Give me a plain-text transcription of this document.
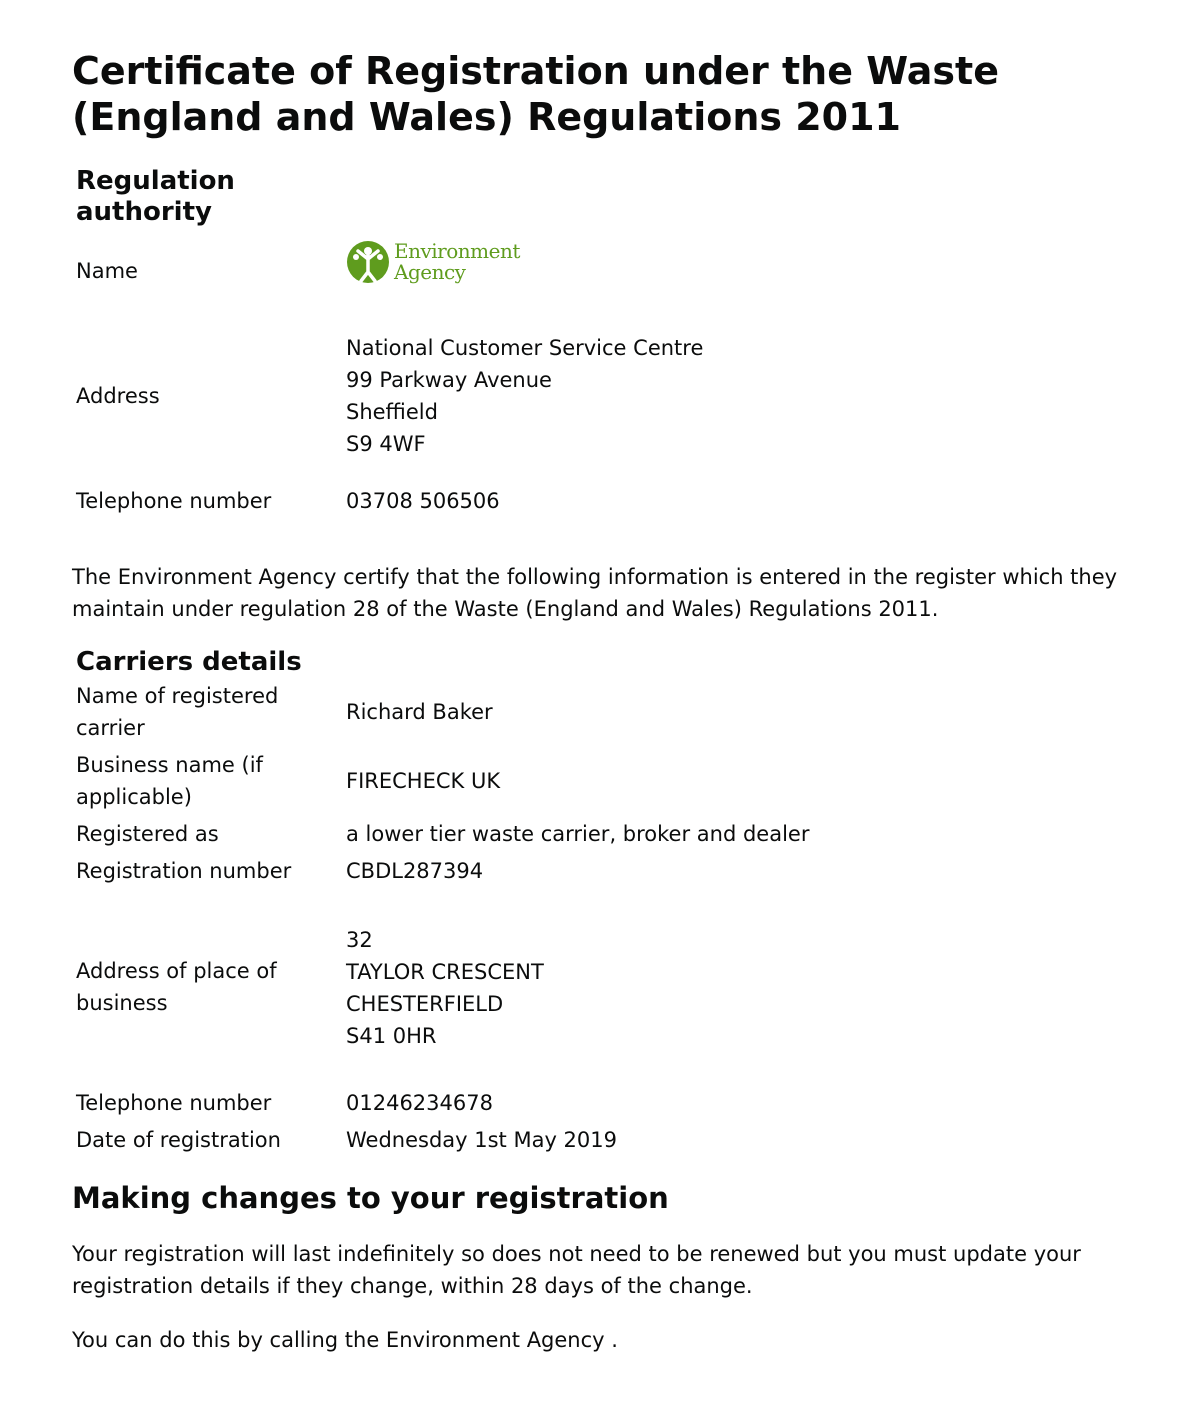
Certificate of Registration under the Waste (England and Wales) Regulations 2011
Regulation authority
Name	Environment
Agency

Address	National Customer Service Centre
99 Parkway Avenue
Sheffield
S9 4WF

Telephone number	03708 506506

The Environment Agency certify that the following information is entered in the register which they maintain under regulation 28 of the Waste (England and Wales) Regulations 2011.

Carriers details
Name of registered carrier	Richard Baker
Business name (if applicable)	FIRECHECK UK
Registered as	a lower tier waste carrier, broker and dealer
Registration number	CBDL287394
Address of place of business	32
TAYLOR CRESCENT
CHESTERFIELD
S41 0HR

Telephone number	01246234678
Date of registration	Wednesday 1st May 2019
Making changes to your registration

Your registration will last indefinitely so does not need to be renewed but you must update your registration details if they change, within 28 days of the change.

You can do this by calling the Environment Agency .
